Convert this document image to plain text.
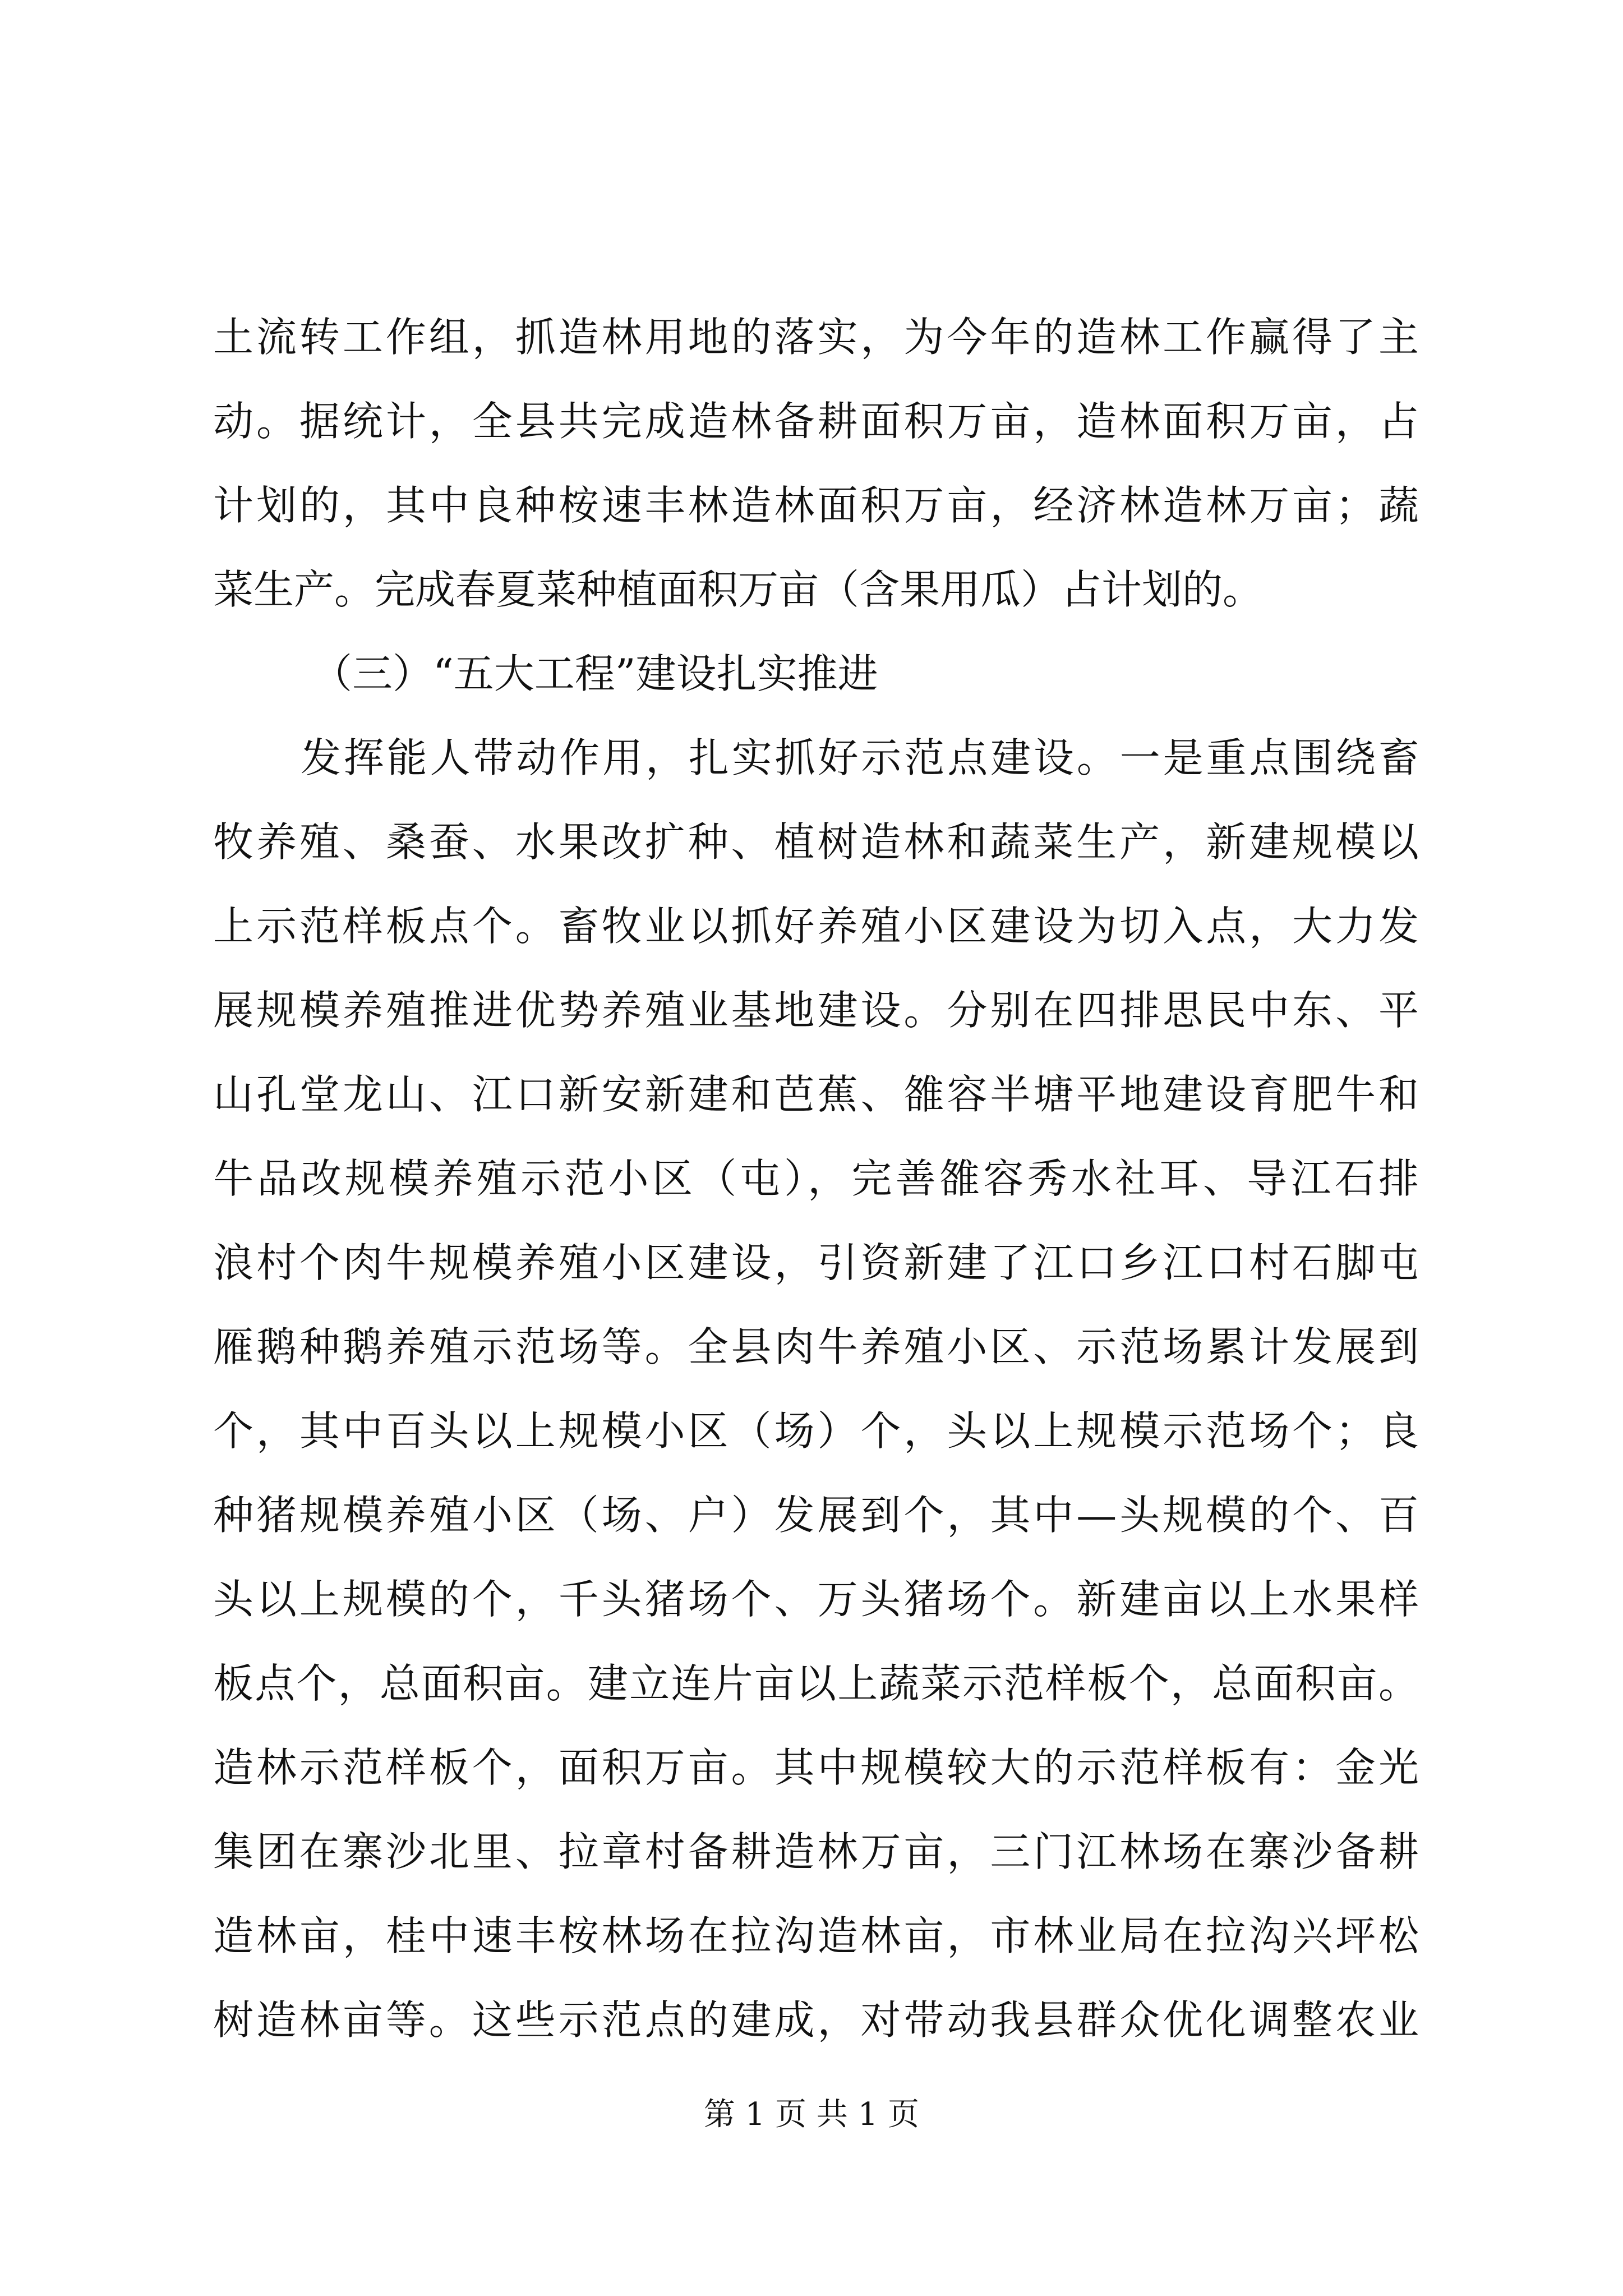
土流转工作组，抓造林用地的落实，为今年的造林工作赢得了主
动。据统计，全县共完成造林备耕面积万亩，造林面积万亩，占
计划的，其中良种桉速丰林造林面积万亩，经济林造林万亩；蔬
菜生产。完成春夏菜种植面积万亩（含果用瓜）占计划的。
（三）“五大工程”建设扎实推进
发挥能人带动作用，扎实抓好示范点建设。一是重点围绕畜
牧养殖、桑蚕、水果改扩种、植树造林和蔬菜生产，新建规模以
上示范样板点个。畜牧业以抓好养殖小区建设为切入点，大力发
展规模养殖推进优势养殖业基地建设。分别在四排思民中东、平
山孔堂龙山、江口新安新建和芭蕉、雒容半塘平地建设育肥牛和
牛品改规模养殖示范小区（屯），完善雒容秀水社耳、导江石排
浪村个肉牛规模养殖小区建设，引资新建了江口乡江口村石脚屯
雁鹅种鹅养殖示范场等。全县肉牛养殖小区、示范场累计发展到
个，其中百头以上规模小区（场）个，头以上规模示范场个；良
种猪规模养殖小区（场、户）发展到个，其中—头规模的个、百
头以上规模的个，千头猪场个、万头猪场个。新建亩以上水果样
板点个，总面积亩。建立连片亩以上蔬菜示范样板个，总面积亩。
造林示范样板个，面积万亩。其中规模较大的示范样板有：金光
集团在寨沙北里、拉章村备耕造林万亩，三门江林场在寨沙备耕
造林亩，桂中速丰桉林场在拉沟造林亩，市林业局在拉沟兴坪松
树造林亩等。这些示范点的建成，对带动我县群众优化调整农业
第 1 页 共 1 页
